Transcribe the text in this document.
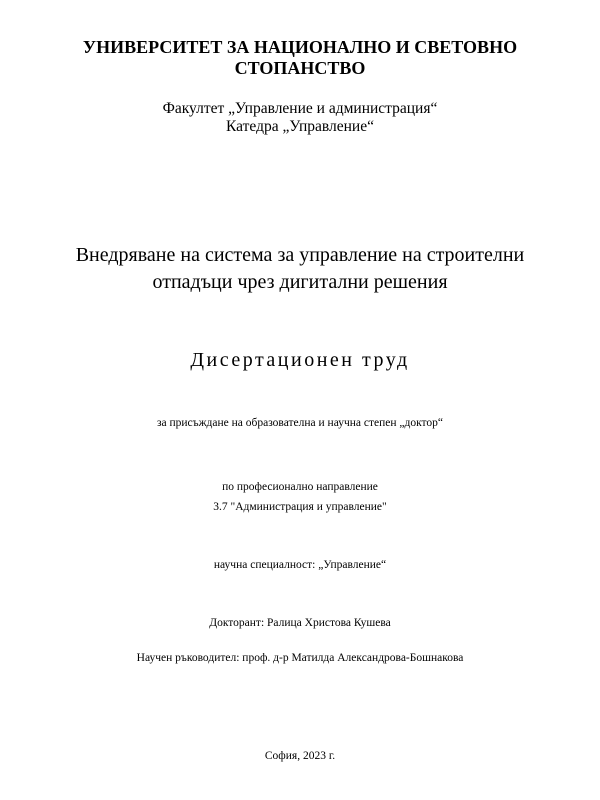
УНИВЕРСИТЕТ ЗА НАЦИОНАЛНО И СВЕТОВНО
СТОПАНСТВО
Факултет „Управление и администрация“
Катедра „Управление“
Внедряване на система за управление на строителни
отпадъци чрез дигитални решения
Дисертационен труд
за присъждане на образователна и научна степен „доктор“
по професионално направление
3.7 "Администрация и управление"
научна специалност: „Управление“
Докторант: Ралица Христова Кушева
Научен ръководител: проф. д-р Матилда Александрова-Бошнакова
София, 2023 г.
